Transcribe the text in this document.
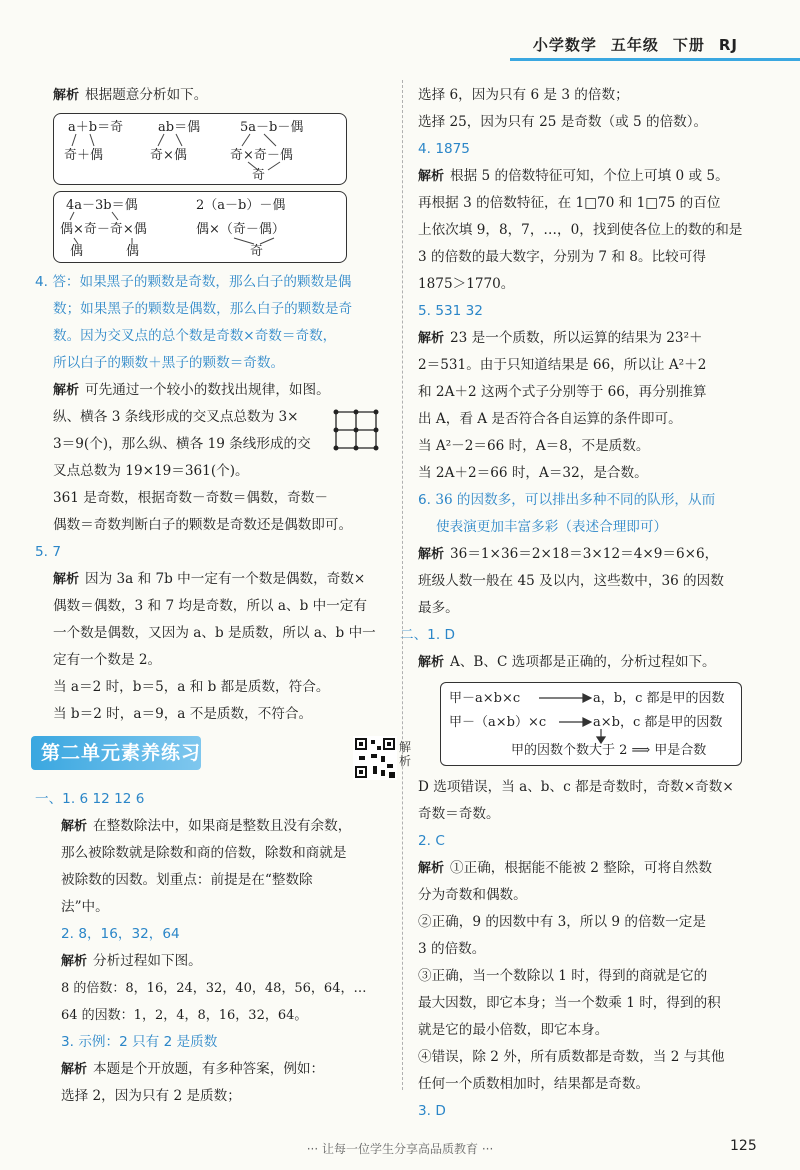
小学数学 五年级 下册 RJ
解析 根据题意分析如下。
a＋b＝奇
奇＋偶
ab＝偶
奇×偶
5a－b－偶
奇×奇－偶
奇
4a－3b＝偶
偶×奇－奇×偶
偶	偶
2（a－b）－偶
偶×（奇－偶）
奇
4. 答：如果黑子的颗数是奇数，那么白子的颗数是偶
数；如果黑子的颗数是偶数，那么白子的颗数是奇
数。因为交叉点的总个数是奇数×奇数＝奇数，
所以白子的颗数＋黑子的颗数＝奇数。
解析 可先通过一个较小的数找出规律，如图。
纵、横各 3 条线形成的交叉点总数为 3×
3＝9(个)，那么纵、横各 19 条线形成的交
叉点总数为 19×19＝361(个)。
361 是奇数，根据奇数－奇数＝偶数，奇数－
偶数＝奇数判断白子的颗数是奇数还是偶数即可。
5. 7
解析 因为 3a 和 7b 中一定有一个数是偶数，奇数×
偶数＝偶数，3 和 7 均是奇数，所以 a、b 中一定有
一个数是偶数，又因为 a、b 是质数，所以 a、b 中一
定有一个数是 2。
当 a＝2 时，b＝5，a 和 b 都是质数，符合。
当 b＝2 时，a＝9，a 不是质数，不符合。
第二单元素养练习	解析
一、1. 6 12 12 6
解析 在整数除法中，如果商是整数且没有余数，
那么被除数就是除数和商的倍数，除数和商就是
被除数的因数。划重点：前提是在“整数除
法”中。
2. 8，16，32，64
解析 分析过程如下图。
8 的倍数：8，16，24，32，40，48，56，64，…
64 的因数：1，2，4，8，16，32，64。
3. 示例：2 只有 2 是质数
解析 本题是个开放题，有多种答案，例如：
选择 2，因为只有 2 是质数；
选择 6，因为只有 6 是 3 的倍数；
选择 25，因为只有 25 是奇数（或 5 的倍数）。
4. 1875
解析 根据 5 的倍数特征可知，个位上可填 0 或 5。
再根据 3 的倍数特征，在 1□70 和 1□75 的百位
上依次填 9，8，7，…，0，找到使各位上的数的和是
3 的倍数的最大数字，分别为 7 和 8。比较可得
1875＞1770。
5. 531 32
解析 23 是一个质数，所以运算的结果为 23²＋
2＝531。由于只知道结果是 66，所以让 A²＋2
和 2A＋2 这两个式子分别等于 66，再分别推算
出 A，看 A 是否符合各自运算的条件即可。
当 A²－2＝66 时，A＝8，不是质数。
当 2A＋2＝66 时，A＝32，是合数。
6. 36 的因数多，可以排出多种不同的队形，从而
使表演更加丰富多彩（表述合理即可）
解析 36＝1×36＝2×18＝3×12＝4×9＝6×6，
班级人数一般在 45 及以内，这些数中，36 的因数
最多。
二、1. D
解析 A、B、C 选项都是正确的，分析过程如下。
甲－a×b×c	a，b，c 都是甲的因数
甲－（a×b）×c	a×b，c 都是甲的因数
甲的因数个数大于 2 ⟹ 甲是合数
D 选项错误，当 a、b、c 都是奇数时，奇数×奇数×
奇数＝奇数。
2. C
解析 ①正确，根据能不能被 2 整除，可将自然数
分为奇数和偶数。
②正确，9 的因数中有 3，所以 9 的倍数一定是
3 的倍数。
③正确，当一个数除以 1 时，得到的商就是它的
最大因数，即它本身；当一个数乘 1 时，得到的积
就是它的最小倍数，即它本身。
④错误，除 2 外，所有质数都是奇数，当 2 与其他
任何一个质数相加时，结果都是奇数。
3. D
··· 让每一位学生分享高品质教育 ···	125
